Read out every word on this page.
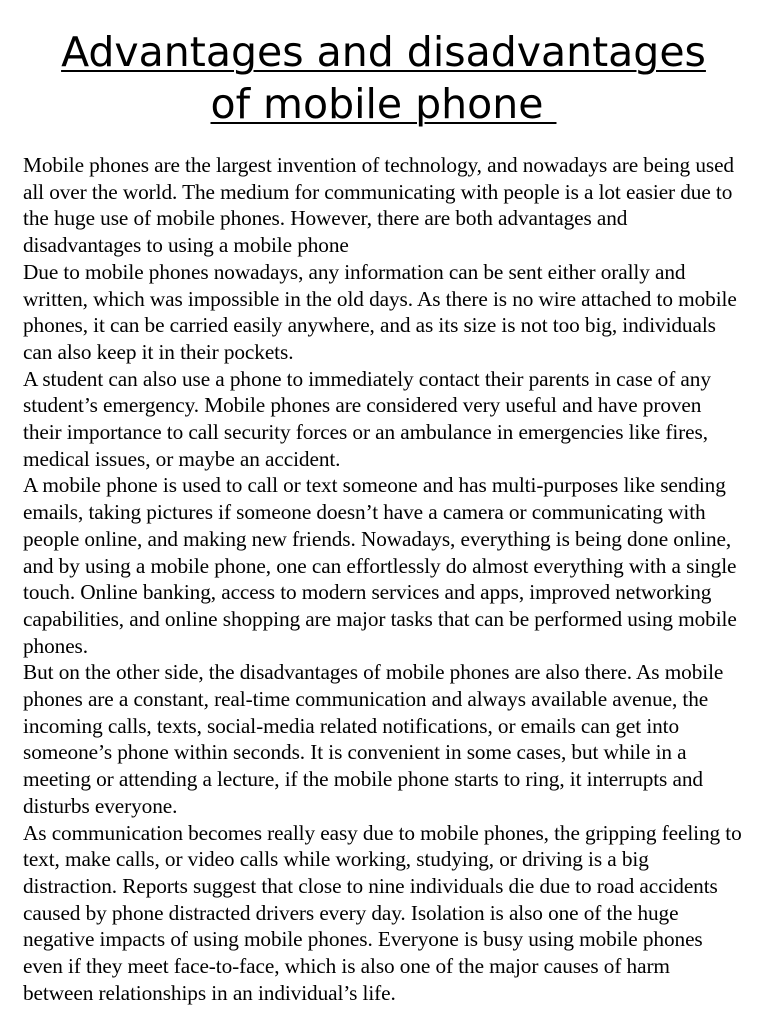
Advantages and disadvantages
of mobile phone

Mobile phones are the largest invention of technology, and nowadays are being used all over the world. The medium for communicating with people is a lot easier due to the huge use of mobile phones. However, there are both advantages and disadvantages to using a mobile phone

Due to mobile phones nowadays, any information can be sent either orally and written, which was impossible in the old days. As there is no wire attached to mobile phones, it can be carried easily anywhere, and as its size is not too big, individuals can also keep it in their pockets.

A student can also use a phone to immediately contact their parents in case of any student’s emergency. Mobile phones are considered very useful and have proven their importance to call security forces or an ambulance in emergencies like fires, medical issues, or maybe an accident.

A mobile phone is used to call or text someone and has multi-purposes like sending emails, taking pictures if someone doesn’t have a camera or communicating with people online, and making new friends. Nowadays, everything is being done online, and by using a mobile phone, one can effortlessly do almost everything with a single touch. Online banking, access to modern services and apps, improved networking capabilities, and online shopping are major tasks that can be performed using mobile phones.

But on the other side, the disadvantages of mobile phones are also there. As mobile phones are a constant, real-time communication and always available avenue, the incoming calls, texts, social-media related notifications, or emails can get into someone’s phone within seconds. It is convenient in some cases, but while in a meeting or attending a lecture, if the mobile phone starts to ring, it interrupts and disturbs everyone.

As communication becomes really easy due to mobile phones, the gripping feeling to text, make calls, or video calls while working, studying, or driving is a big distraction. Reports suggest that close to nine individuals die due to road accidents caused by phone distracted drivers every day. Isolation is also one of the huge negative impacts of using mobile phones. Everyone is busy using mobile phones even if they meet face-to-face, which is also one of the major causes of harm between relationships in an individual’s life.
